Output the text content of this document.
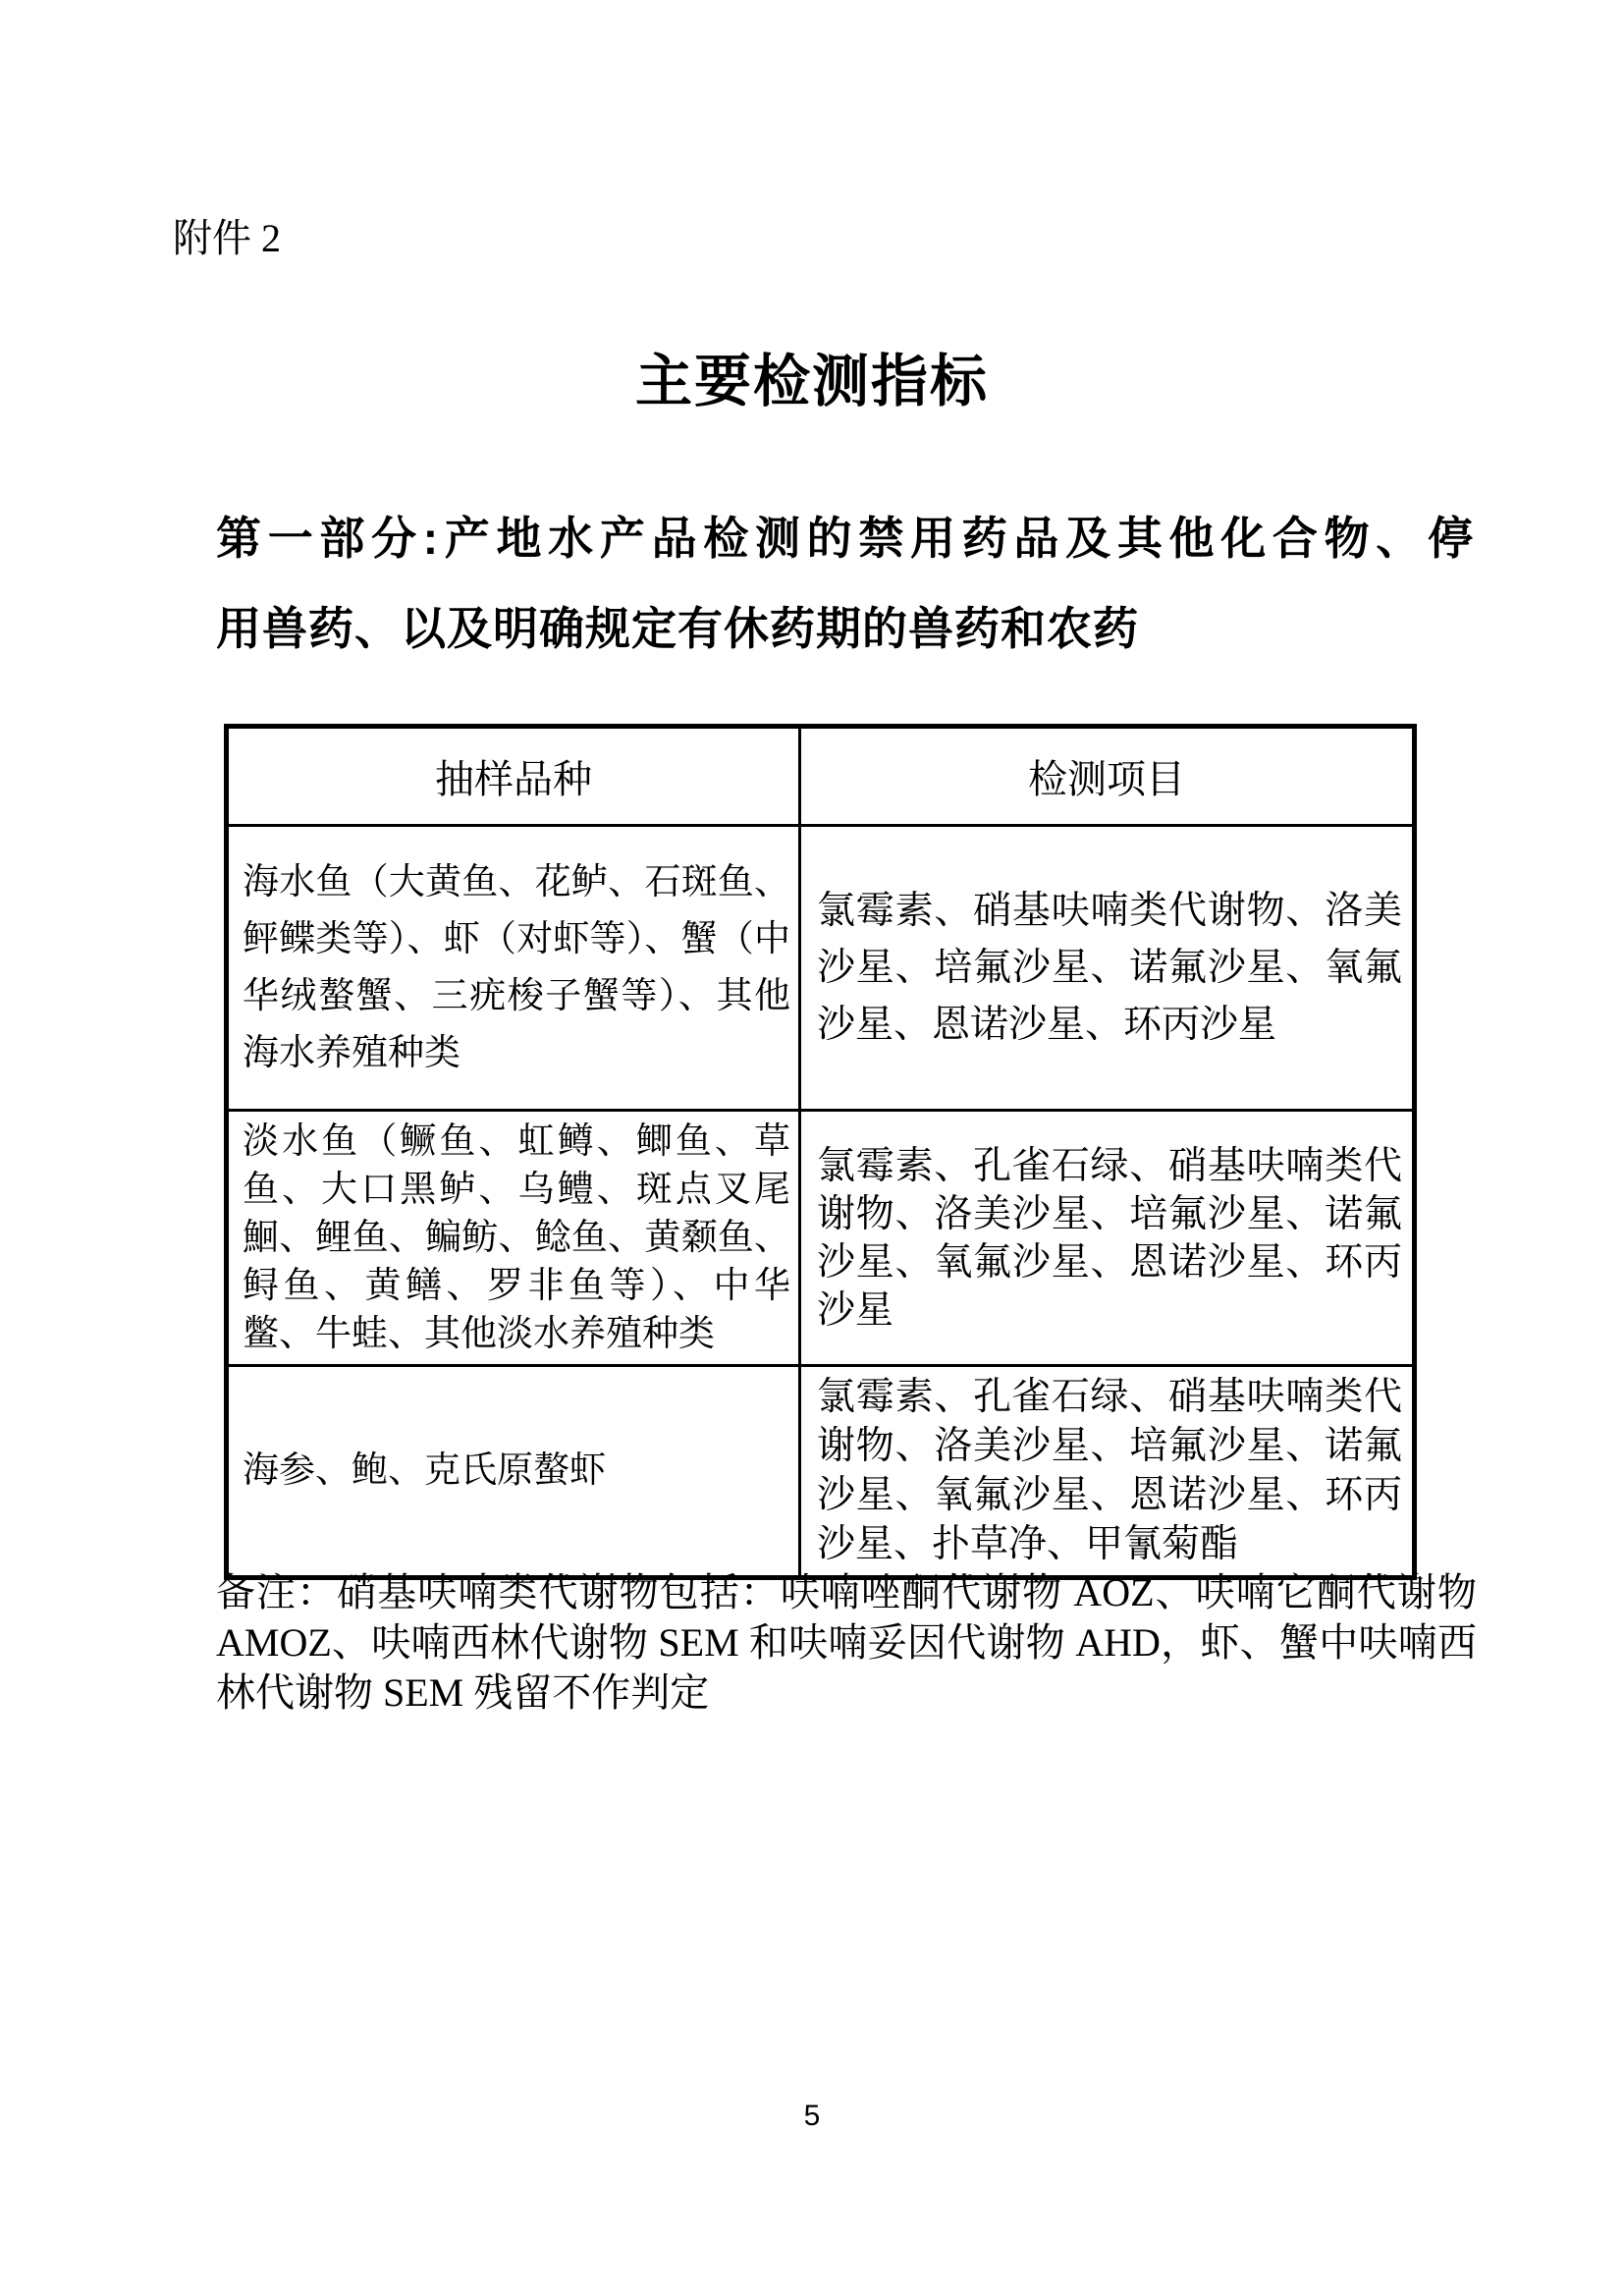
附件 2
主要检测指标
第一部分:产地水产品检测的禁用药品及其他化合物、停
用兽药、以及明确规定有休药期的兽药和农药
抽样品种	检测项目
海水鱼（大黄鱼、花鲈、石斑鱼、鲆鲽类等）、虾（对虾等）、蟹（中华绒螯蟹、三疣梭子蟹等）、其他海水养殖种类	氯霉素、硝基呋喃类代谢物、洛美沙星、培氟沙星、诺氟沙星、氧氟沙星、恩诺沙星、环丙沙星
淡水鱼（鳜鱼、虹鳟、鲫鱼、草鱼、大口黑鲈、乌鳢、斑点叉尾鮰、鲤鱼、鳊鲂、鲶鱼、黄颡鱼、鲟鱼、黄鳝、罗非鱼等）、中华鳖、牛蛙、其他淡水养殖种类	氯霉素、孔雀石绿、硝基呋喃类代谢物、洛美沙星、培氟沙星、诺氟沙星、氧氟沙星、恩诺沙星、环丙沙星
海参、鲍、克氏原螯虾	氯霉素、孔雀石绿、硝基呋喃类代谢物、洛美沙星、培氟沙星、诺氟沙星、氧氟沙星、恩诺沙星、环丙沙星、扑草净、甲氰菊酯
备注：硝基呋喃类代谢物包括：呋喃唑酮代谢物 AOZ、呋喃它酮代谢物 AMOZ、呋喃西林代谢物 SEM 和呋喃妥因代谢物 AHD，虾、蟹中呋喃西林代谢物 SEM 残留不作判定
5
